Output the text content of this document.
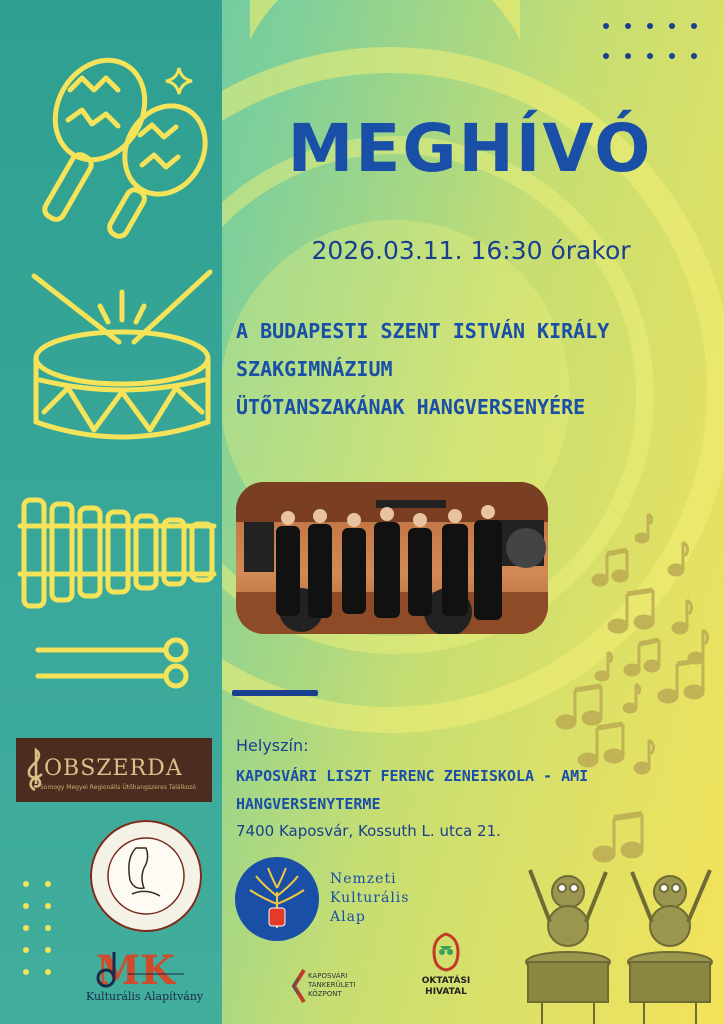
MEGHÍVÓ
2026.03.11. 16:30 órakor
A BUDAPESTI SZENT ISTVÁN KIRÁLY
SZAKGIMNÁZIUM
ÜTŐTANSZAKÁNAK HANGVERSENYÉRE
Helyszín:
KAPOSVÁRI LISZT FERENC ZENEISKOLA - AMI
HANGVERSENYTERME
7400 Kaposvár, Kossuth L. utca 21.
OBSZERDA
Somogy Megyei Regionális Ütőhangszeres Találkozó
MK
Kulturális Alapítvány
Nemzeti
Kulturális
Alap
KAPOSVÁRI
TANKERÜLETI
KÖZPONT
OKTATÁSI
HIVATAL
